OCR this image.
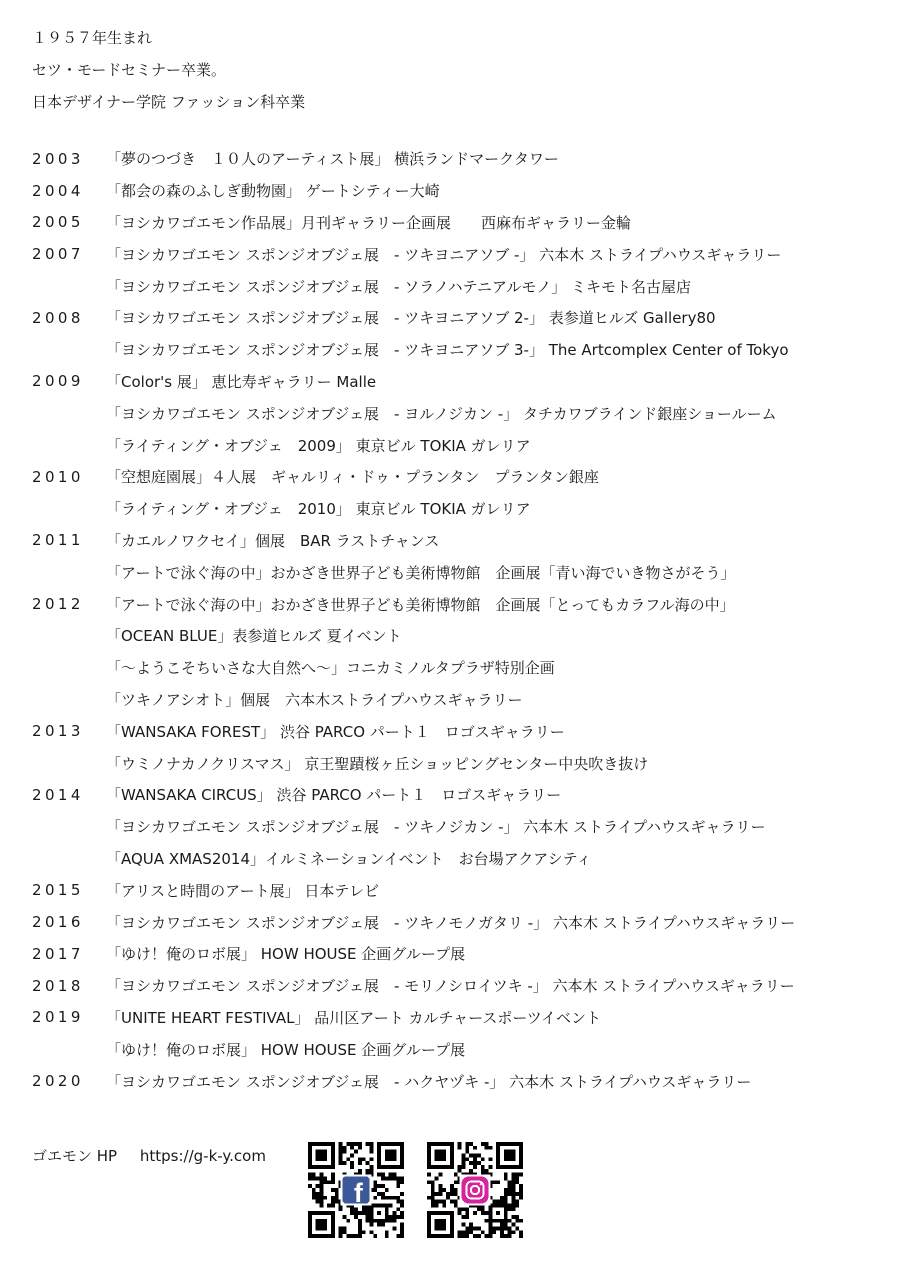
１９５７年生まれ
セツ・モードセミナー卒業。
日本デザイナー学院 ファッション科卒業
2003	「夢のつづき　１０人のアーティスト展」 横浜ランドマークタワー
2004	「都会の森のふしぎ動物園」 ゲートシティー大崎
2005	「ヨシカワゴエモン作品展」月刊ギャラリー企画展　　西麻布ギャラリー金輪
2007	「ヨシカワゴエモン スポンジオブジェ展　- ツキヨニアソブ -」 六本木 ストライプハウスギャラリー
「ヨシカワゴエモン スポンジオブジェ展　- ソラノハテニアルモノ」 ミキモト名古屋店
2008	「ヨシカワゴエモン スポンジオブジェ展　- ツキヨニアソブ 2-」 表参道ヒルズ Gallery80
「ヨシカワゴエモン スポンジオブジェ展　- ツキヨニアソブ 3-」 The Artcomplex Center of Tokyo
2009	「Color's 展」 恵比寿ギャラリー Malle
「ヨシカワゴエモン スポンジオブジェ展　- ヨルノジカン -」 タチカワブラインド銀座ショールーム
「ライティング・オブジェ　2009」 東京ビル TOKIA ガレリア
2010	「空想庭園展」４人展　ギャルリィ・ドゥ・プランタン　プランタン銀座
「ライティング・オブジェ　2010」 東京ビル TOKIA ガレリア
2011	「カエルノワクセイ」個展　BAR ラストチャンス
「アートで泳ぐ海の中」おかざき世界子ども美術博物館　企画展「青い海でいき物さがそう」
2012	「アートで泳ぐ海の中」おかざき世界子ども美術博物館　企画展「とってもカラフル海の中」
「OCEAN BLUE」表参道ヒルズ 夏イベント
「～ようこそちいさな大自然へ～」コニカミノルタプラザ特別企画
「ツキノアシオト」個展　六本木ストライプハウスギャラリー
2013	「WANSAKA FOREST」 渋谷 PARCO パート１　ロゴスギャラリー
「ウミノナカノクリスマス」 京王聖蹟桜ヶ丘ショッピングセンター中央吹き抜け
2014	「WANSAKA CIRCUS」 渋谷 PARCO パート１　ロゴスギャラリー
「ヨシカワゴエモン スポンジオブジェ展　- ツキノジカン -」 六本木 ストライプハウスギャラリー
「AQUA XMAS2014」イルミネーションイベント　お台場アクアシティ
2015	「アリスと時間のアート展」 日本テレビ
2016	「ヨシカワゴエモン スポンジオブジェ展　- ツキノモノガタリ -」 六本木 ストライプハウスギャラリー
2017	「ゆけ！俺のロボ展」 HOW HOUSE 企画グループ展
2018	「ヨシカワゴエモン スポンジオブジェ展　- モリノシロイツキ -」 六本木 ストライプハウスギャラリー
2019	「UNITE HEART FESTIVAL」 品川区アート カルチャースポーツイベント
「ゆけ！俺のロボ展」 HOW HOUSE 企画グループ展
2020	「ヨシカワゴエモン スポンジオブジェ展　- ハクヤヅキ -」 六本木 ストライプハウスギャラリー
ゴエモン HP https://g-k-y.com
f
